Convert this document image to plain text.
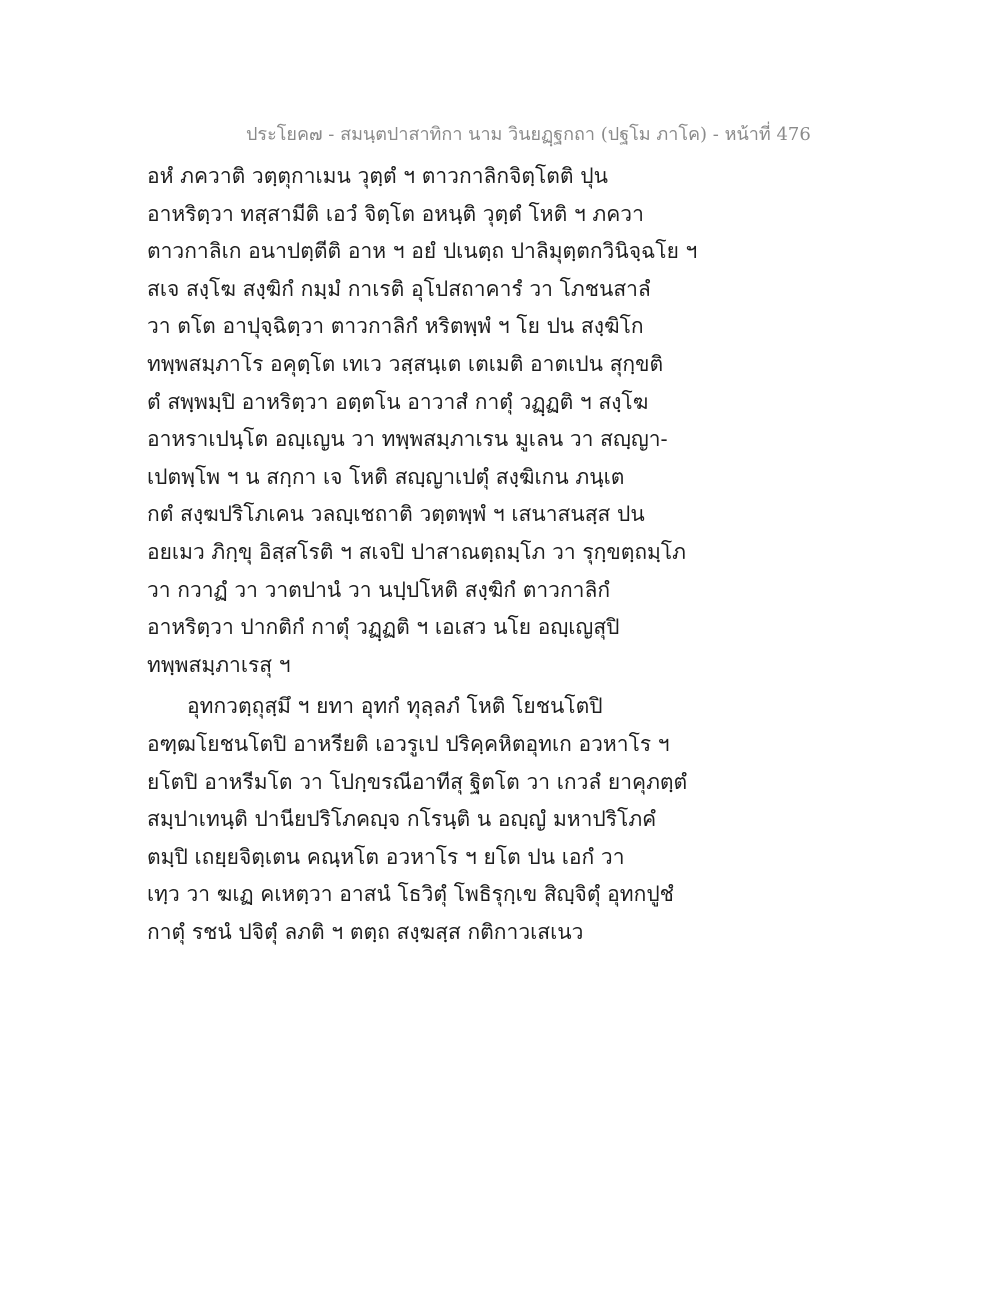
ประโยค๗ - สมนฺตปาสาทิกา นาม วินยฏฺฐกถา (ปฐโม ภาโค) - หน้าที่ 476
อหํ ภควาติ วตฺตุกาเมน วุตฺตํ ฯ ตาวกาลิกจิตฺโตติ ปุน
อาหริตฺวา ทสฺสามีติ เอวํ จิตฺโต อหนฺติ วุตฺตํ โหติ ฯ ภควา
ตาวกาลิเก อนาปตฺตีติ อาห ฯ อยํ ปเนตฺถ ปาลิมุตฺตกวินิจฺฉโย ฯ
สเจ สงฺโฆ สงฺฆิกํ กมฺมํ กาเรติ อุโปสถาคารํ วา โภชนสาลํ
วา ตโต อาปุจฺฉิตฺวา ตาวกาลิกํ หริตพฺพํ ฯ โย ปน สงฺฆิโก
ทพฺพสมฺภาโร อคุตฺโต เทเว วสฺสนฺเต เตเมติ อาตเปน สุกฺขติ
ตํ สพฺพมฺปิ อาหริตฺวา อตฺตโน อาวาสํ กาตุํ วฏฺฏติ ฯ สงฺโฆ
อาหราเปนฺโต อญฺเญน วา ทพฺพสมฺภาเรน มูเลน วา สญฺญา-
เปตพฺโพ ฯ น สกฺกา เจ โหติ สญฺญาเปตุํ สงฺฆิเกน ภนฺเต
กตํ สงฺฆปริโภเคน วลญฺเชถาติ วตฺตพฺพํ ฯ เสนาสนสฺส ปน
อยเมว ภิกฺขุ อิสฺสโรติ ฯ สเจปิ ปาสาณตฺถมฺโภ วา รุกฺขตฺถมฺโภ
วา กวาฏํ วา วาตปานํ วา นปฺปโหติ สงฺฆิกํ ตาวกาลิกํ
อาหริตฺวา ปากติกํ กาตุํ วฏฺฏติ ฯ เอเสว นโย อญฺเญสุปิ
ทพฺพสมฺภาเรสุ ฯ
อุทกวตฺถุสฺมึ ฯ ยทา อุทกํ ทุลฺลภํ โหติ โยชนโตปิ
อฑฺฒโยชนโตปิ อาหรียติ เอวรูเป ปริคฺคหิตอุทเก อวหาโร ฯ
ยโตปิ อาหรีมโต วา โปกฺขรณีอาทีสุ ฐิตโต วา เกวลํ ยาคุภตฺตํ
สมฺปาเทนฺติ ปานียปริโภคญฺจ กโรนฺติ น อญฺญํ มหาปริโภคํ
ตมฺปิ เถยฺยจิตฺเตน คณฺหโต อวหาโร ฯ ยโต ปน เอกํ วา
เทฺว วา ฆเฏ คเหตฺวา อาสนํ โธวิตุํ โพธิรุกฺเข สิญฺจิตุํ อุทกปูชํ
กาตุํ รชนํ ปจิตุํ ลภติ ฯ ตตฺถ สงฺฆสฺส กติกาวเสเนว
